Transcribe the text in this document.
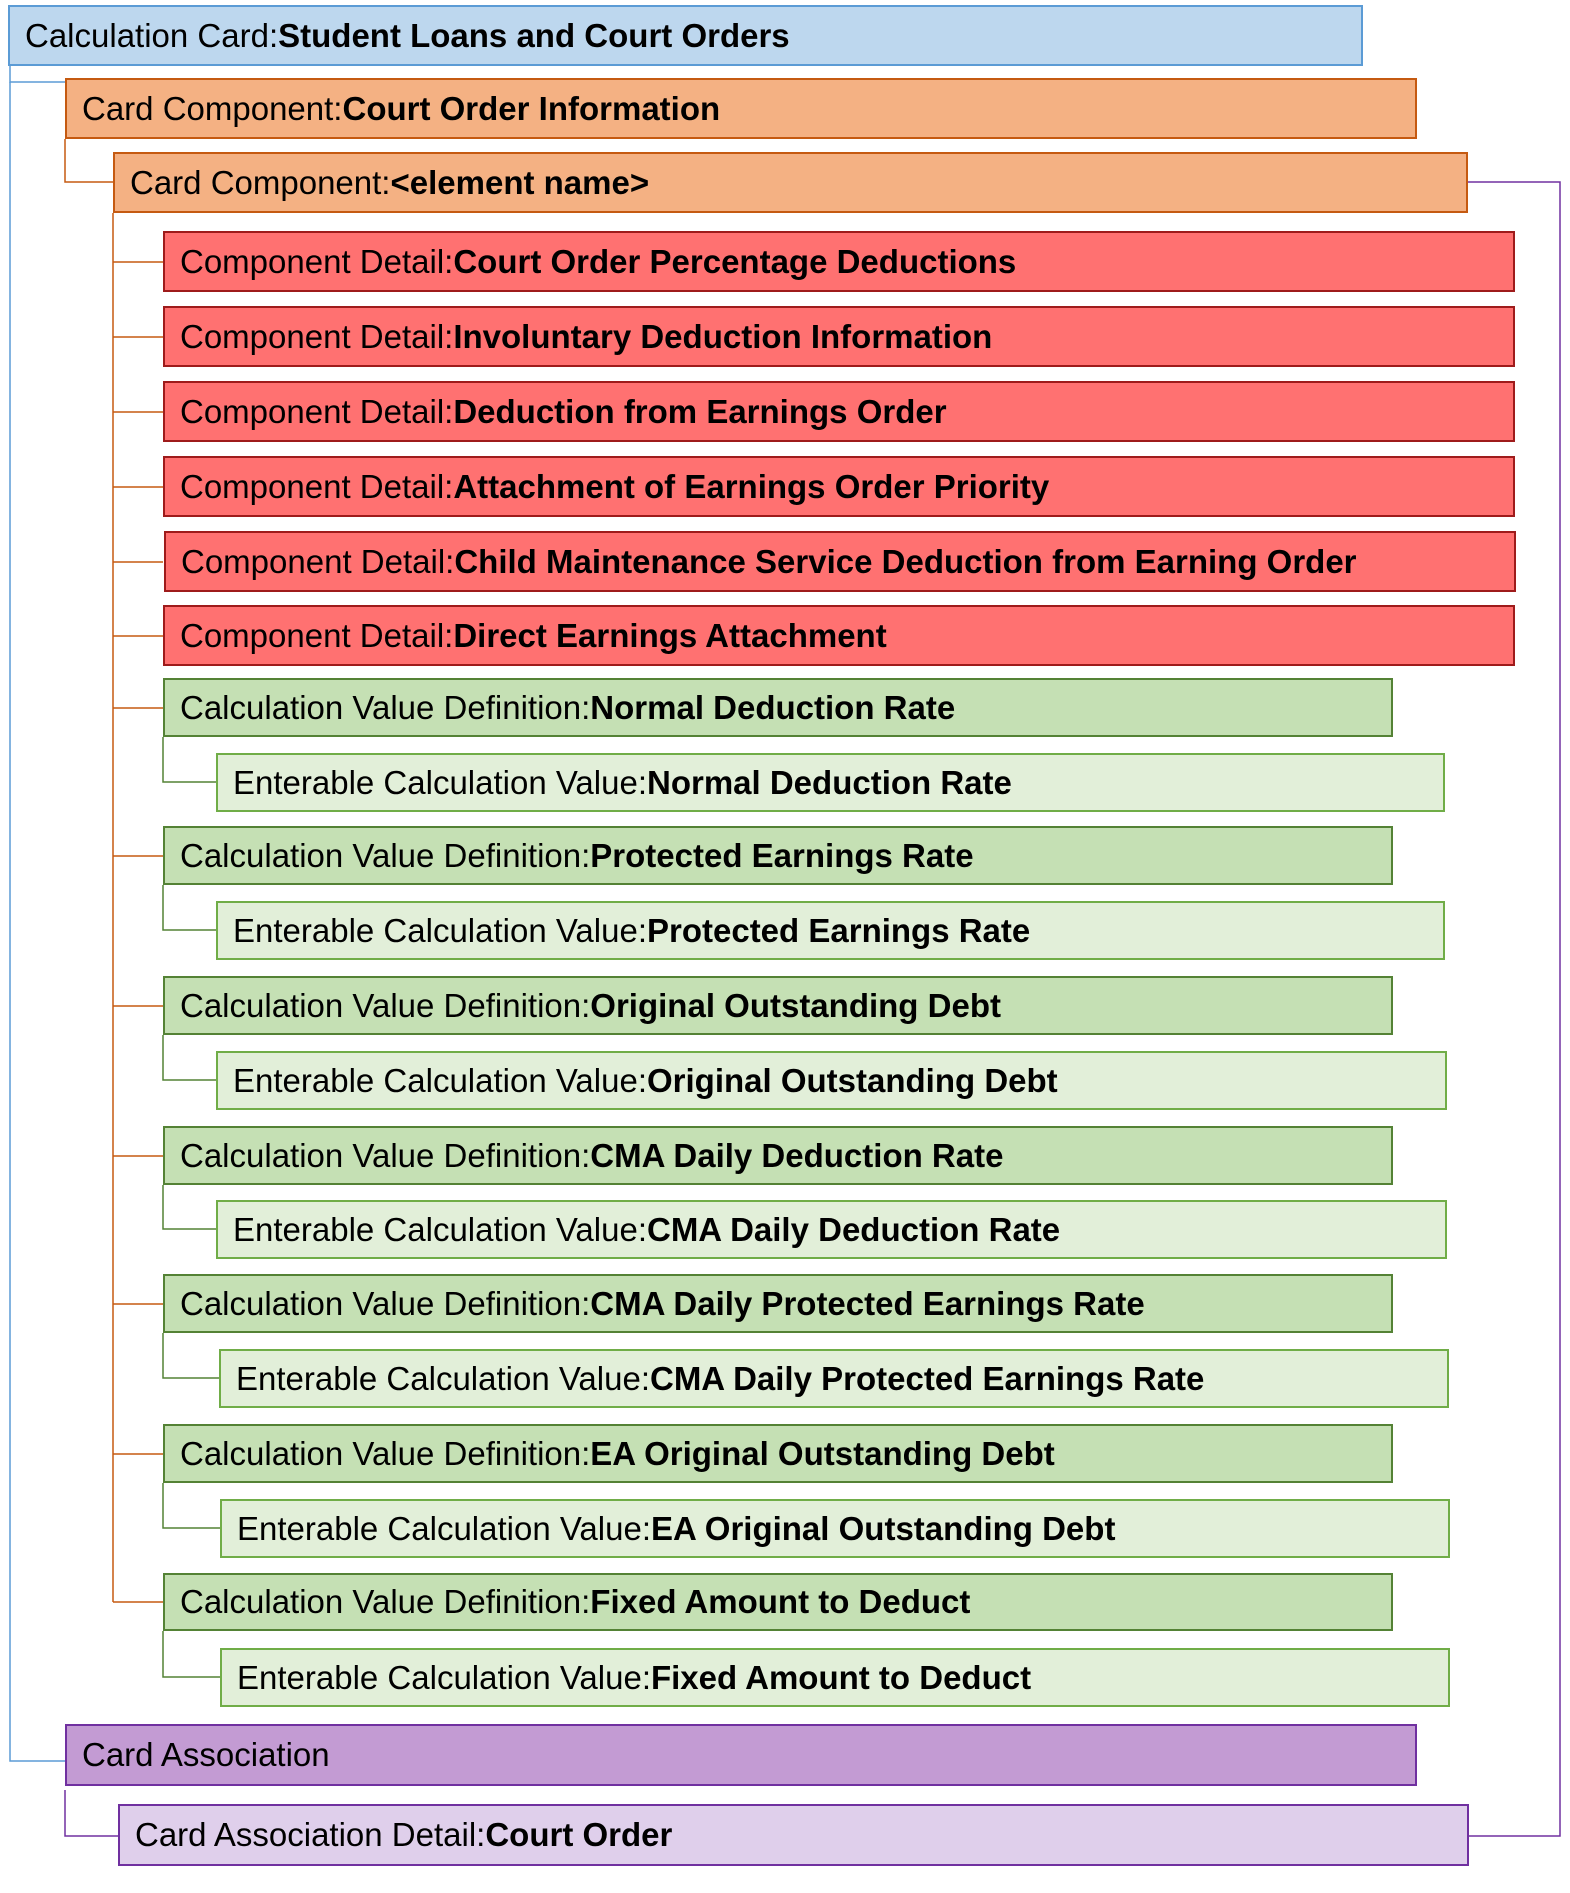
Calculation Card: Student Loans and Court Orders
Card Component: Court Order Information
Card Component: <element name>
Component Detail: Court Order Percentage Deductions
Component Detail: Involuntary Deduction Information
Component Detail: Deduction from Earnings Order
Component Detail: Attachment of Earnings Order Priority
Component Detail: Child Maintenance Service Deduction from Earning Order
Component Detail: Direct Earnings Attachment
Calculation Value Definition: Normal Deduction Rate
Enterable Calculation Value: Normal Deduction Rate
Calculation Value Definition: Protected Earnings Rate
Enterable Calculation Value: Protected Earnings Rate
Calculation Value Definition: Original Outstanding Debt
Enterable Calculation Value: Original Outstanding Debt
Calculation Value Definition: CMA Daily Deduction Rate
Enterable Calculation Value: CMA Daily Deduction Rate
Calculation Value Definition: CMA Daily Protected Earnings Rate
Enterable Calculation Value: CMA Daily Protected Earnings Rate
Calculation Value Definition: EA Original Outstanding Debt
Enterable Calculation Value: EA Original Outstanding Debt
Calculation Value Definition: Fixed Amount to Deduct
Enterable Calculation Value: Fixed Amount to Deduct
Card Association
Card Association Detail: Court Order
